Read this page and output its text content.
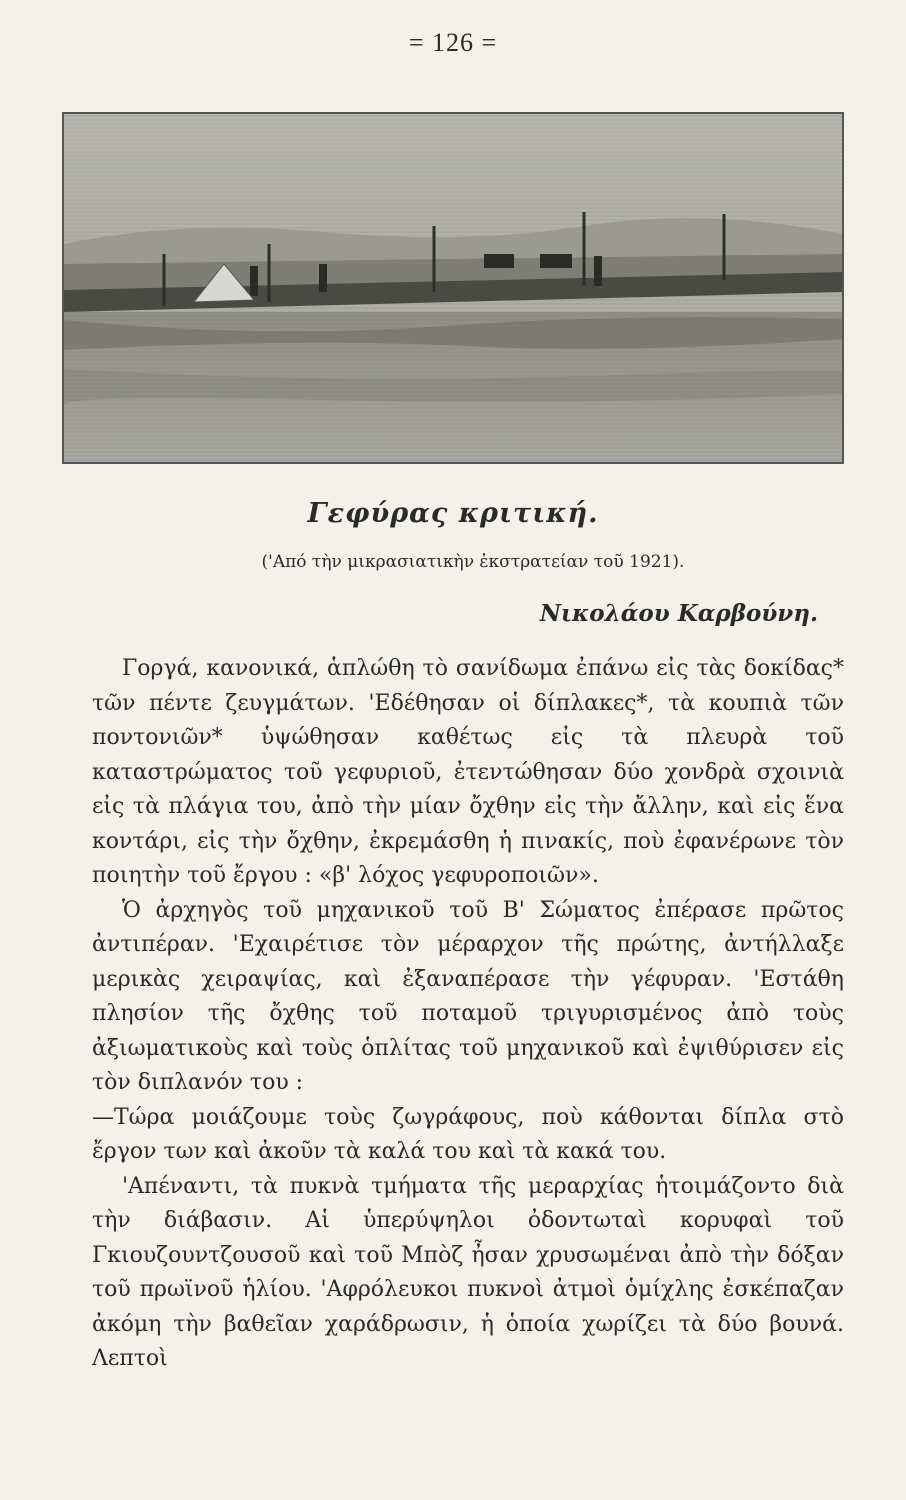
= 126 =
Γεφύρας κριτική.
('Από τὴν μικρασιατικὴν ἐκστρατείαν τοῦ 1921).
Νικολάου Καρβούνη.

Γοργά, κανονικά, ἁπλώθη τὸ σανίδωμα ἐπάνω εἰς τὰς δοκίδας* τῶν πέντε ζευγμάτων. 'Εδέθησαν οἱ δίπλακες*, τὰ κουπιὰ τῶν ποντονιῶν* ὑψώθησαν καθέτως εἰς τὰ πλευρὰ τοῦ καταστρώματος τοῦ γεφυριοῦ, ἐτεντώθησαν δύο χονδρὰ σχοινιὰ εἰς τὰ πλάγια του, ἀπὸ τὴν μίαν ὄχθην εἰς τὴν ἄλλην, καὶ εἰς ἕνα κοντάρι, εἰς τὴν ὄχθην, ἐκρεμάσθη ἡ πινακίς, ποὺ ἐφανέρωνε τὸν ποιητὴν τοῦ ἔργου : «β' λόχος γεφυροποιῶν».

Ὁ ἀρχηγὸς τοῦ μηχανικοῦ τοῦ Β' Σώματος ἐπέρασε πρῶτος ἀντιπέραν. 'Εχαιρέτισε τὸν μέραρχον τῆς πρώτης, ἀντήλλαξε μερικὰς χειραψίας, καὶ ἐξαναπέρασε τὴν γέφυραν. 'Εστάθη πλησίον τῆς ὄχθης τοῦ ποταμοῦ τριγυρισμένος ἀπὸ τοὺς ἀξιωματικοὺς καὶ τοὺς ὁπλίτας τοῦ μηχανικοῦ καὶ ἐψιθύρισεν εἰς τὸν διπλανόν του :

—Τώρα μοιάζουμε τοὺς ζωγράφους, ποὺ κάθονται δίπλα στὸ ἔργον των καὶ ἀκοῦν τὰ καλά του καὶ τὰ κακά του.

'Απέναντι, τὰ πυκνὰ τμήματα τῆς μεραρχίας ἡτοιμάζοντο διὰ τὴν διάβασιν. Αἱ ὑπερύψηλοι ὀδοντωταὶ κορυφαὶ τοῦ Γκιουζουντζουσοῦ καὶ τοῦ Μπὸζ ἦσαν χρυσωμέναι ἀπὸ τὴν δόξαν τοῦ πρωϊνοῦ ἡλίου. 'Αφρόλευκοι πυκνοὶ ἀτμοὶ ὁμίχλης ἐσκέπαζαν ἀκόμη τὴν βαθεῖαν χαράδρωσιν, ἡ ὁποία χωρίζει τὰ δύο βουνά. Λεπτοὶ
